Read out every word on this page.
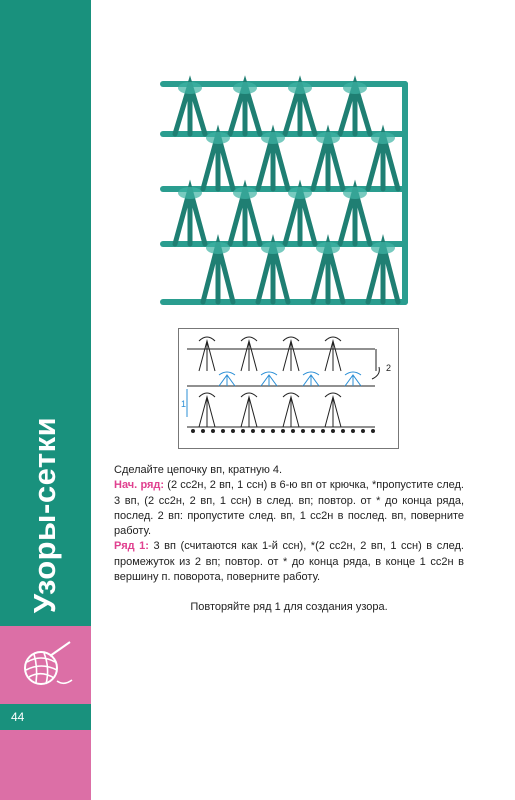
Узоры-сетки
44
1
2

Сделайте цепочку вп, кратную 4.

Нач. ряд: (2 сс2н, 2 вп, 1 ссн) в 6-ю вп от крючка, *пропустите след. 3 вп, (2 сс2н, 2 вп, 1 ссн) в след. вп; повтор. от * до конца ряда, послед. 2 вп: пропустите след. вп, 1 сс2н в послед. вп, поверните работу.

Ряд 1: 3 вп (считаются как 1-й ссн), *(2 сс2н, 2 вп, 1 ссн) в след. промежуток из 2 вп; повтор. от * до конца ряда, в конце 1 сс2н в вершину п. поворота, поверните работу.

Повторяйте ряд 1 для создания узора.
FashionForum.ru
